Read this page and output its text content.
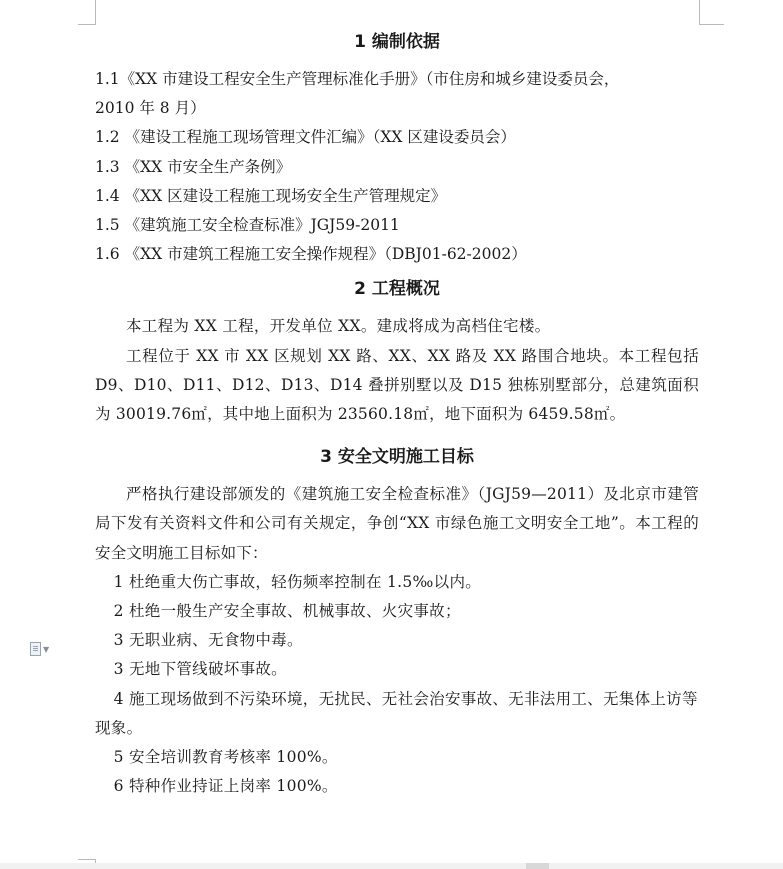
1 编制依据
1.1《XX 市建设工程安全生产管理标准化手册》（市住房和城乡建设委员会，
2010 年 8 月）
1.2 《建设工程施工现场管理文件汇编》（XX 区建设委员会）
1.3 《XX 市安全生产条例》
1.4 《XX 区建设工程施工现场安全生产管理规定》
1.5 《建筑施工安全检查标准》JGJ59-2011
1.6 《XX 市建筑工程施工安全操作规程》（DBJ01-62-2002）
2 工程概况
本工程为 XX 工程，开发单位 XX。建成将成为高档住宅楼。
工程位于 XX 市 XX 区规划 XX 路、XX、XX 路及 XX 路围合地块。本工程包括 D9、D10、D11、D12、D13、D14 叠拼别墅以及 D15 独栋别墅部分，总建筑面积为 30019.76㎡，其中地上面积为 23560.18㎡，地下面积为 6459.58㎡。
3 安全文明施工目标
严格执行建设部颁发的《建筑施工安全检查标准》（JGJ59—2011）及北京市建管局下发有关资料文件和公司有关规定，争创“XX 市绿色施工文明安全工地”。本工程的安全文明施工目标如下：
1 杜绝重大伤亡事故，轻伤频率控制在 1.5‰以内。
2 杜绝一般生产安全事故、机械事故、火灾事故；
3 无职业病、无食物中毒。
3 无地下管线破坏事故。
4 施工现场做到不污染环境，无扰民、无社会治安事故、无非法用工、无集体上访等现象。
5 安全培训教育考核率 100%。
6 特种作业持证上岗率 100%。
▼
